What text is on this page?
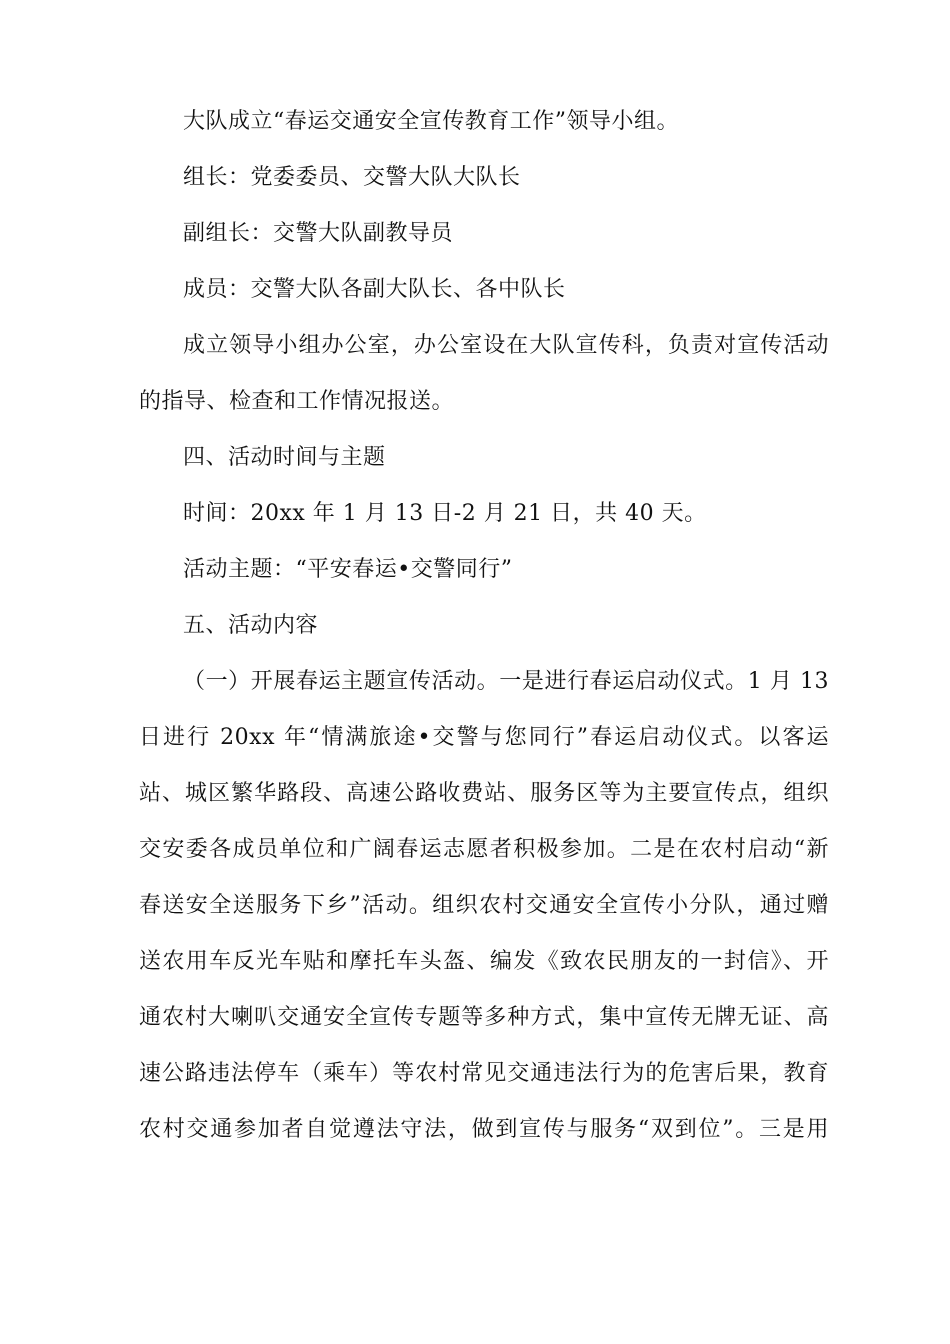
大队成立“春运交通安全宣传教育工作”领导小组。
组长：党委委员、交警大队大队长
副组长：交警大队副教导员
成员：交警大队各副大队长、各中队长
成立领导小组办公室，办公室设在大队宣传科，负责对宣传活动
的指导、检查和工作情况报送。
四、活动时间与主题
时间：20xx 年 1 月 13 日-2 月 21 日，共 40 天。
活动主题：“平安春运•交警同行”
五、活动内容
（一）开展春运主题宣传活动。一是进行春运启动仪式。1 月 13
日进行 20xx 年“情满旅途•交警与您同行”春运启动仪式。以客运
站、城区繁华路段、高速公路收费站、服务区等为主要宣传点，组织
交安委各成员单位和广阔春运志愿者积极参加。二是在农村启动“新
春送安全送服务下乡”活动。组织农村交通安全宣传小分队，通过赠
送农用车反光车贴和摩托车头盔、编发《致农民朋友的一封信》、开
通农村大喇叭交通安全宣传专题等多种方式，集中宣传无牌无证、高
速公路违法停车（乘车）等农村常见交通违法行为的危害后果，教育
农村交通参加者自觉遵法守法，做到宣传与服务“双到位”。三是用
